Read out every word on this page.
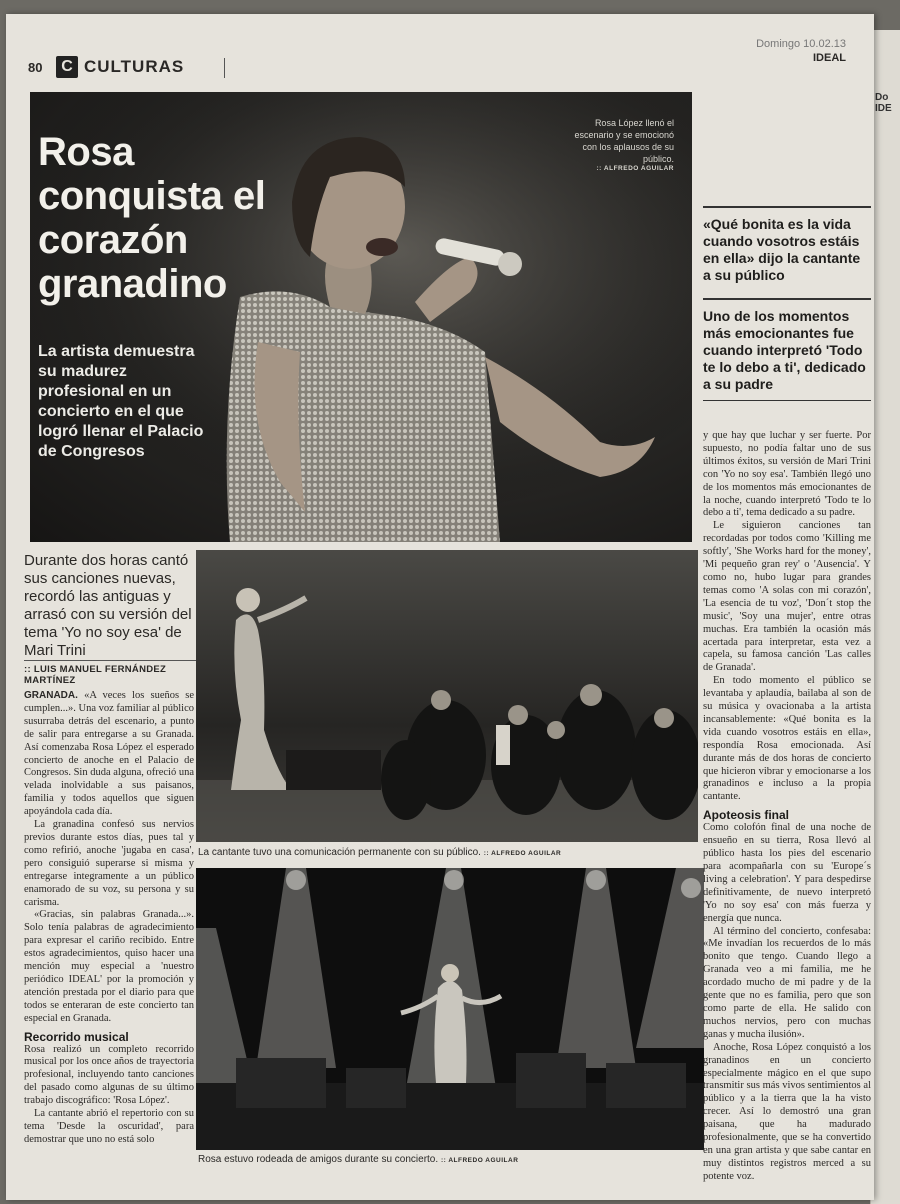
Do IDE
80	C CULTURAS
Domingo 10.02.13
IDEAL
Rosa conquista el corazón granadino
La artista demuestra su madurez profesional en un concierto en el que logró llenar el Palacio de Congresos
Rosa López llenó el escenario y se emocionó con los aplausos de su público.
:: ALFREDO AGUILAR
«Qué bonita es la vida cuando vosotros estáis en ella» dijo la cantante a su público
Uno de los momentos más emocionantes fue cuando interpretó 'Todo te lo debo a ti', dedicado a su padre
Durante dos horas cantó sus canciones nuevas, recordó las antiguas y arrasó con su versión del tema 'Yo no soy esa' de Mari Trini
:: LUIS MANUEL FERNÁNDEZ MARTÍNEZ

GRANADA. «A veces los sueños se cumplen...». Una voz familiar al público susurraba detrás del escenario, a punto de salir para entregarse a su Granada. Así comenzaba Rosa López el esperado concierto de anoche en el Palacio de Congresos. Sin duda alguna, ofreció una velada inolvidable a sus paisanos, familia y todos aquellos que siguen apoyándola cada día.

La granadina confesó sus nervios previos durante estos días, pues tal y como refirió, anoche 'jugaba en casa', pero consiguió superarse si misma y entregarse integramente a un público enamorado de su voz, su persona y su carisma.

«Gracias, sin palabras Granada...». Solo tenía palabras de agradecimiento para expresar el cariño recibido. Entre estos agradecimientos, quiso hacer una mención muy especial a 'nuestro periódico IDEAL' por la promoción y atención prestada por el diario para que todos se enteraran de este concierto tan especial en Granada.

Recorrido musical

Rosa realizó un completo recorrido musical por los once años de trayectoria profesional, incluyendo tanto canciones del pasado como algunas de su último trabajo discográfico: 'Rosa López'.

La cantante abrió el repertorio con su tema 'Desde la oscuridad', para demostrar que uno no está solo

La cantante tuvo una comunicación permanente con su público. :: ALFREDO AGUILAR
Rosa estuvo rodeada de amigos durante su concierto. :: ALFREDO AGUILAR

y que hay que luchar y ser fuerte. Por supuesto, no podía faltar uno de sus últimos éxitos, su versión de Mari Trini con 'Yo no soy esa'. También llegó uno de los momentos más emocionantes de la noche, cuando interpretó 'Todo te lo debo a ti', tema dedicado a su padre.

Le siguieron canciones tan recordadas por todos como 'Killing me softly', 'She Works hard for the money', 'Mi pequeño gran rey' o 'Ausencia'. Y como no, hubo lugar para grandes temas como 'A solas con mi corazón', 'La esencia de tu voz', 'Don´t stop the music', 'Soy una mujer', entre otras muchas. Era también la ocasión más acertada para interpretar, esta vez a capela, su famosa canción 'Las calles de Granada'.

En todo momento el público se levantaba y aplaudía, bailaba al son de su música y ovacionaba a la artista incansablemente: «Qué bonita es la vida cuando vosotros estáis en ella», respondía Rosa emocionada. Así durante más de dos horas de concierto que hicieron vibrar y emocionarse a los granadinos e incluso a la propia cantante.

Apoteosis final

Como colofón final de una noche de ensueño en su tierra, Rosa llevó al público hasta los pies del escenario para acompañarla con su 'Europe´s living a celebration'. Y para despedirse definitivamente, de nuevo interpretó 'Yo no soy esa' con más fuerza y energía que nunca.

Al término del concierto, confesaba: «Me invadían los recuerdos de lo más bonito que tengo. Cuando llego a Granada veo a mi familia, me he acordado mucho de mi padre y de la gente que no es familia, pero que son como parte de ella. He salido con muchos nervios, pero con muchas ganas y mucha ilusión».

Anoche, Rosa López conquistó a los granadinos en un concierto especialmente mágico en el que supo transmitir sus más vivos sentimientos al público y a la tierra que la ha visto crecer. Así lo demostró una gran paisana, que ha madurado profesionalmente, que se ha convertido en una gran artista y que sabe cantar en muy distintos registros merced a su potente voz.
